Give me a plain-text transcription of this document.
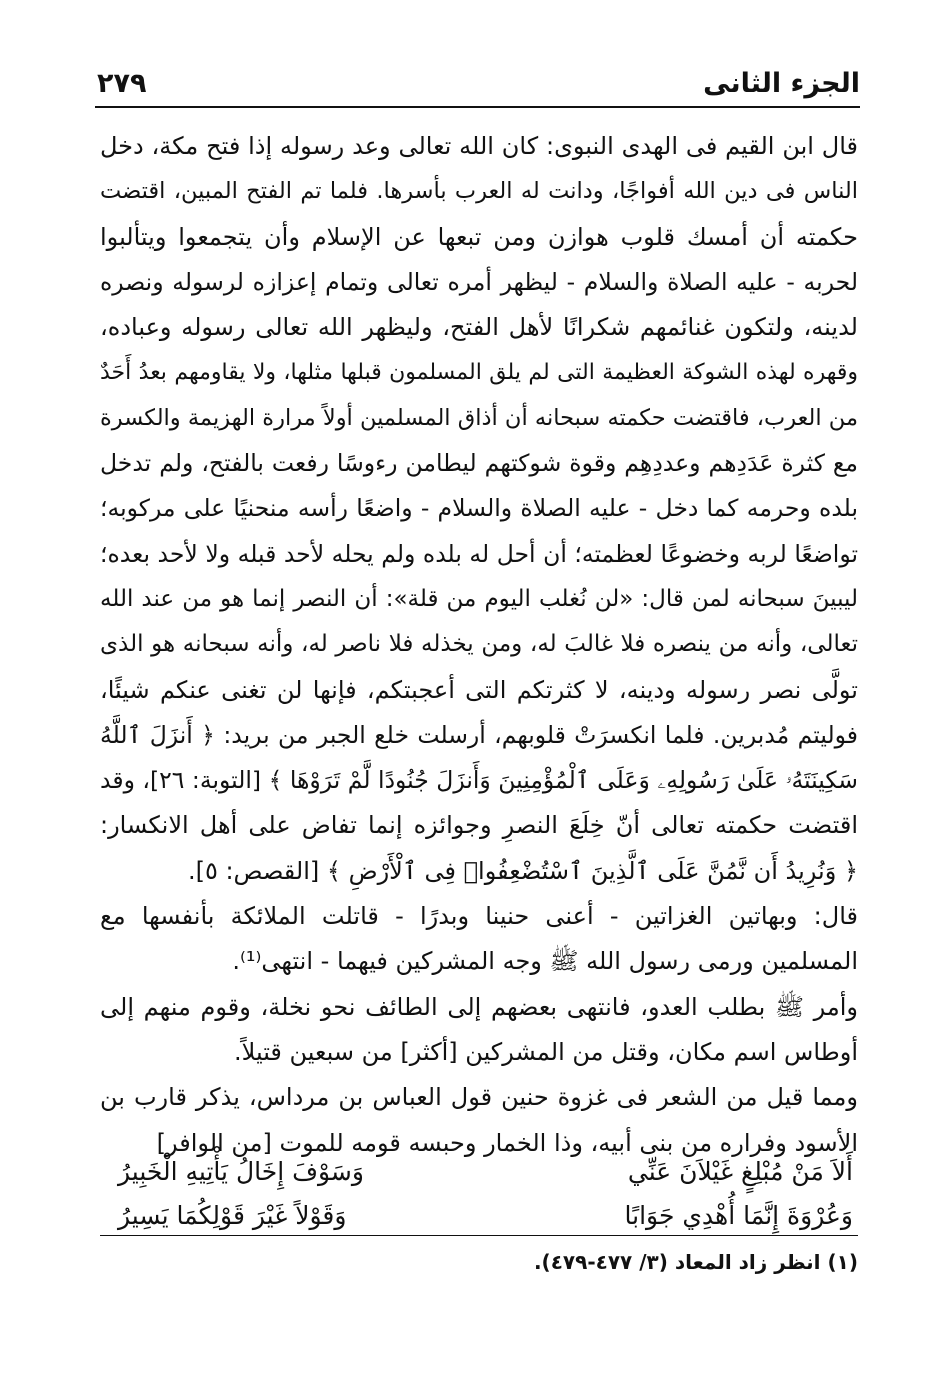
الجزء الثانى
٢٧٩
قال ابن القيم فى الهدى النبوى: كان الله تعالى وعد رسوله إذا فتح مكة، دخل
الناس فى دين الله أفواجًا، ودانت له العرب بأسرها. فلما تم الفتح المبين، اقتضت
حكمته أن أمسك قلوب هوازن ومن تبعها عن الإسلام وأن يتجمعوا ويتألبوا
لحربه - عليه الصلاة والسلام - ليظهر أمره تعالى وتمام إعزازه لرسوله ونصره
لدينه، ولتكون غنائمهم شكرانًا لأهل الفتح، وليظهر الله تعالى رسوله وعباده،
وقهره لهذه الشوكة العظيمة التى لم يلق المسلمون قبلها مثلها، ولا يقاومهم بعدُ أَحَدٌ
من العرب، فاقتضت حكمته سبحانه أن أذاق المسلمين أولاً مرارة الهزيمة والكسرة
مع كثرة عَدَدِهم وعددِهِم وقوة شوكتهم ليطامن رءوسًا رفعت بالفتح، ولم تدخل
بلده وحرمه كما دخل - عليه الصلاة والسلام - واضعًا رأسه منحنيًا على مركوبه؛
تواضعًا لربه وخضوعًا لعظمته؛ أن أحل له بلده ولم يحله لأحد قبله ولا لأحد بعده؛
ليبينَ سبحانه لمن قال: «لن نُغلب اليوم من قلة»: أن النصر إنما هو من عند الله
تعالى، وأنه من ينصره فلا غالبَ له، ومن يخذله فلا ناصر له، وأنه سبحانه هو الذى
تولَّى نصر رسوله ودينه، لا كثرتكم التى أعجبتكم، فإنها لن تغنى عنكم شيئًا،
فوليتم مُدبرين. فلما انكسرَتْ قلوبهم، أرسلت خلع الجبر من بريد: ﴿ أَنزَلَ ٱللَّهُ
سَكِينَتَهُۥ عَلَىٰ رَسُولِهِۦ وَعَلَى ٱلْمُؤْمِنِينَ وَأَنزَلَ جُنُودًا لَّمْ تَرَوْهَا ﴾ [التوبة: ٢٦]، وقد
اقتضت حكمته تعالى أنّ خِلَعَ النصرِ وجوائزه إنما تفاض على أهل الانكسار:
﴿ وَنُرِيدُ أَن نَّمُنَّ عَلَى ٱلَّذِينَ ٱسْتُضْعِفُوا۟ فِى ٱلْأَرْضِ ﴾ [القصص: ٥].
قال: وبهاتين الغزاتين - أعنى حنينا وبدرًا - قاتلت الملائكة بأنفسها مع
المسلمين ورمى رسول الله ﷺ وجه المشركين فيهما - انتهى⁽¹⁾.
وأمر ﷺ بطلب العدو، فانتهى بعضهم إلى الطائف نحو نخلة، وقوم منهم إلى
أوطاس اسم مكان، وقتل من المشركين [أكثر] من سبعين قتيلاً.
ومما قيل من الشعر فى غزوة حنين قول العباس بن مرداس، يذكر قارب بن
الأسود وفراره من بنى أبيه، وذا الخمار وحبسه قومه للموت [من الوافر]
أَلاَ مَنْ مُبْلِغٍ غَيْلاَنَ عَنِّي
وَسَوْفَ إِخَالُ يَأْتِيهِ الْخَبِيرُ
وَعُرْوَةَ إِنَّمَا أُهْدِي جَوَابًا
وَقَوْلاً غَيْرَ قَوْلِكُمَا يَسِيرُ
(١) انظر زاد المعاد (٣/ ٤٧٧-٤٧٩).
